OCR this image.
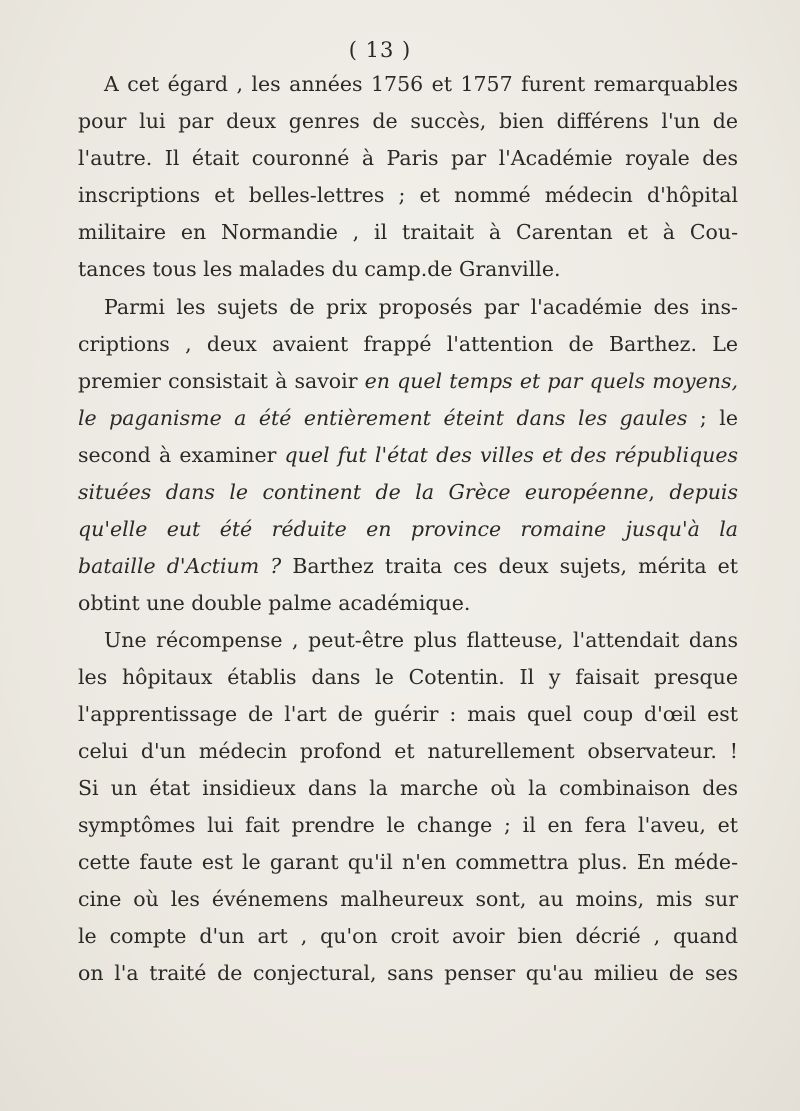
( 13 )
A cet égard , les années 1756 et 1757 furent remarquables
pour lui par deux genres de succès, bien différens l'un de
l'autre. Il était couronné à Paris par l'Académie royale des
inscriptions et belles-lettres ; et nommé médecin d'hôpital
militaire en Normandie , il traitait à Carentan et à Cou-
tances tous les malades du camp.de Granville.
Parmi les sujets de prix proposés par l'académie des ins-
criptions , deux avaient frappé l'attention de Barthez. Le
premier consistait à savoir en quel temps et par quels moyens,
le paganisme a été entièrement éteint dans les gaules ; le
second à examiner quel fut l'état des villes et des républiques
situées dans le continent de la Grèce européenne, depuis
qu'elle eut été réduite en province romaine jusqu'à la
bataille d'Actium ? Barthez traita ces deux sujets, mérita et
obtint une double palme académique.
Une récompense , peut-être plus flatteuse, l'attendait dans
les hôpitaux établis dans le Cotentin. Il y faisait presque
l'apprentissage de l'art de guérir : mais quel coup d'œil est
celui d'un médecin profond et naturellement observateur. !
Si un état insidieux dans la marche où la combinaison des
symptômes lui fait prendre le change ; il en fera l'aveu, et
cette faute est le garant qu'il n'en commettra plus. En méde-
cine où les événemens malheureux sont, au moins, mis sur
le compte d'un art , qu'on croit avoir bien décrié , quand
on l'a traité de conjectural, sans penser qu'au milieu de ses
